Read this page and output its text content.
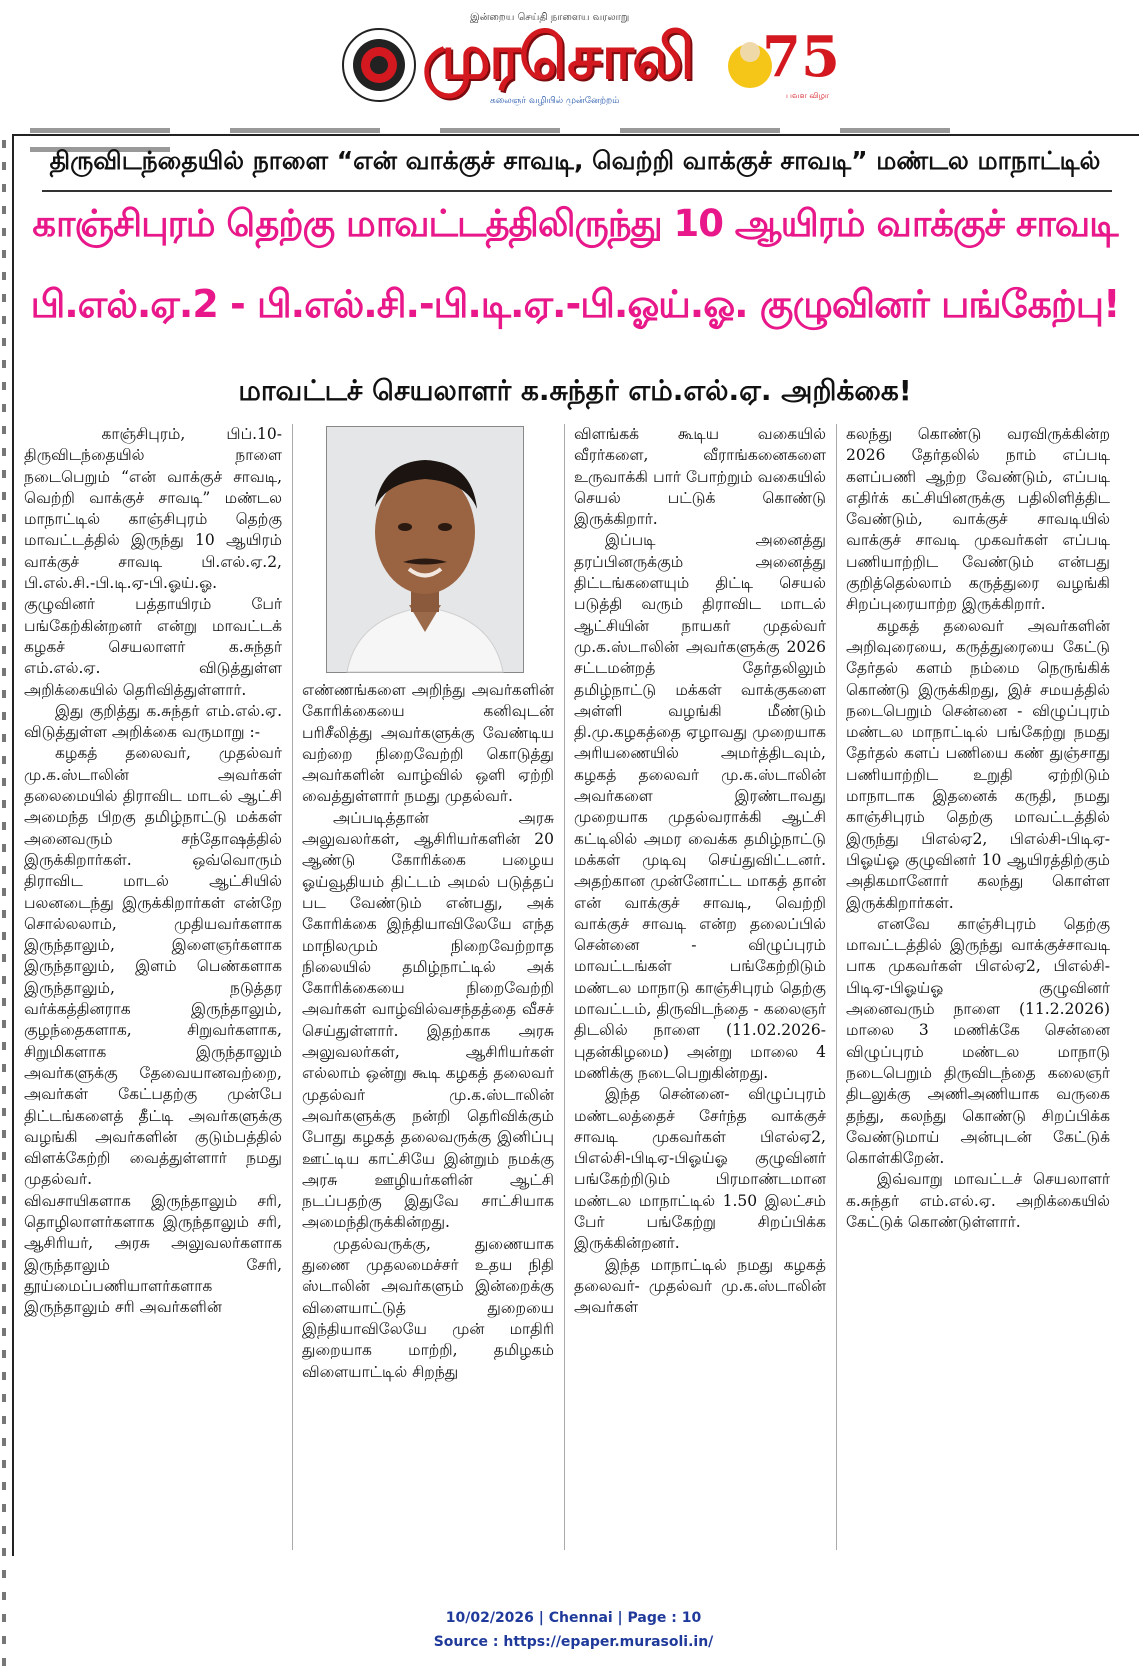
இன்றைய செய்தி நாளைய வரலாறு
முரசொலி
கலைஞர் வழியில் முன்னேற்றம்
75
பவள விழா
திருவிடந்தையில் நாளை “என் வாக்குச் சாவடி, வெற்றி வாக்குச் சாவடி” மண்டல மாநாட்டில்
காஞ்சிபுரம் தெற்கு மாவட்டத்திலிருந்து 10 ஆயிரம் வாக்குச் சாவடி
பி.எல்.ஏ.2 - பி.எல்.சி.-பி.டி.ஏ.-பி.ஓய்.ஓ. குழுவினர் பங்கேற்பு!
மாவட்டச் செயலாளர் க.சுந்தர் எம்.எல்.ஏ. அறிக்கை!

காஞ்சிபுரம், பிப்.10- திருவிடந்தையில் நாளை நடைபெறும் “என் வாக்குச் சாவடி, வெற்றி வாக்குச் சாவடி” மண்டல மாநாட்டில் காஞ்சிபுரம் தெற்கு மாவட்டத்தில் இருந்து 10 ஆயிரம் வாக்குச் சாவடி பி.எல்.ஏ.2, பி.எல்.சி.-பி.டி.ஏ-பி.ஓய்.ஓ. குழுவினர் பத்தாயிரம் பேர் பங்கேற்கின்றனர் என்று மாவட்டக் கழகச் செயலாளர் க.சுந்தர் எம்.எல்.ஏ. விடுத்துள்ள அறிக்கையில் தெரிவித்துள்ளார்.

இது குறித்து க.சுந்தர் எம்.எல்.ஏ. விடுத்துள்ள அறிக்கை வருமாறு :-

கழகத் தலைவர், முதல்வர் மு.க.ஸ்டாலின் அவர்கள் தலைமையில் திராவிட மாடல் ஆட்சி அமைந்த பிறகு தமிழ்நாட்டு மக்கள் அனைவரும் சந்தோஷத்தில் இருக்கிறார்கள். ஒவ்வொரும் திராவிட மாடல் ஆட்சியில் பலனடைந்து இருக்கிறார்கள் என்றே சொல்லலாம், முதியவர்களாக இருந்தாலும், இளைஞர்களாக இருந்தாலும், இளம் பெண்களாக இருந்தாலும், நடுத்தர வர்க்கத்தினராக இருந்தாலும், குழந்தைகளாக, சிறுவர்களாக, சிறுமிகளாக இருந்தாலும் அவர்களுக்கு தேவையானவற்றை, அவர்கள் கேட்பதற்கு முன்பே திட்டங்களைத் தீட்டி அவர்களுக்கு வழங்கி அவர்களின் குடும்பத்தில் விளக்கேற்றி வைத்துள்ளார் நமது முதல்வர்.

விவசாயிகளாக இருந்தாலும் சரி, தொழிலாளர்களாக இருந்தாலும் சரி, ஆசிரியர், அரசு அலுவலர்களாக இருந்தாலும் சேரி, தூய்மைப்பணியாளர்களாக இருந்தாலும் சரி அவர்களின்

எண்ணங்களை அறிந்து அவர்களின் கோரிக்கையை கனிவுடன் பரிசீலித்து அவர்களுக்கு வேண்டிய வற்றை நிறைவேற்றி கொடுத்து அவர்களின் வாழ்வில் ஒளி ஏற்றி வைத்துள்ளார் நமது முதல்வர்.

அப்படித்தான் அரசு அலுவலர்கள், ஆசிரியர்களின் 20 ஆண்டு கோரிக்கை பழைய ஓய்வூதியம் திட்டம் அமல் படுத்தப் பட வேண்டும் என்பது, அக் கோரிக்கை இந்தியாவிலேயே எந்த மாநிலமும் நிறைவேற்றாத நிலையில் தமிழ்நாட்டில் அக் கோரிக்கையை நிறைவேற்றி அவர்கள் வாழ்வில்வசந்தத்தை வீசச் செய்துள்ளார். இதற்காக அரசு அலுவலர்கள், ஆசிரியர்கள் எல்லாம் ஒன்று கூடி கழகத் தலைவர் முதல்வர் மு.க.ஸ்டாலின் அவர்களுக்கு நன்றி தெரிவிக்கும் போது கழகத் தலைவருக்கு இனிப்பு ஊட்டிய காட்சியே இன்றும் நமக்கு அரசு ஊழியர்களின் ஆட்சி நடப்பதற்கு இதுவே சாட்சியாக அமைந்திருக்கின்றது.

முதல்வருக்கு, துணையாக துணை முதலமைச்சர் உதய நிதி ஸ்டாலின் அவர்களும் இன்றைக்கு விளையாட்டுத் துறையை இந்தியாவிலேயே முன் மாதிரி துறையாக மாற்றி, தமிழகம் விளையாட்டில் சிறந்து

விளங்கக் கூடிய வகையில் வீரர்களை, வீராங்கனைகளை உருவாக்கி பார் போற்றும் வகையில் செயல் பட்டுக் கொண்டு இருக்கிறார்.

இப்படி அனைத்து தரப்பினருக்கும் அனைத்து திட்டங்களையும் திட்டி செயல் படுத்தி வரும் திராவிட மாடல் ஆட்சியின் நாயகர் முதல்வர் மு.க.ஸ்டாலின் அவர்களுக்கு 2026 சட்டமன்றத் தேர்தலிலும் தமிழ்நாட்டு மக்கள் வாக்குகளை அள்ளி வழங்கி மீண்டும் தி.மு.கழகத்தை ஏழாவது முறையாக அரியணையில் அமர்த்திடவும், கழகத் தலைவர் மு.க.ஸ்டாலின் அவர்களை இரண்டாவது முறையாக முதல்வராக்கி ஆட்சி கட்டிலில் அமர வைக்க தமிழ்நாட்டு மக்கள் முடிவு செய்துவிட்டனர். அதற்கான முன்னோட்ட மாகத் தான் என் வாக்குச் சாவடி, வெற்றி வாக்குச் சாவடி என்ற தலைப்பில் சென்னை - விழுப்புரம் மாவட்டங்கள் பங்கேற்றிடும் மண்டல மாநாடு காஞ்சிபுரம் தெற்கு மாவட்டம், திருவிடந்தை - கலைஞர் திடலில் நாளை (11.02.2026- புதன்கிழமை) அன்று மாலை 4 மணிக்கு நடைபெறுகின்றது.

இந்த சென்னை- விழுப்புரம் மண்டலத்தைச் சேர்ந்த வாக்குச் சாவடி முகவர்கள் பிஎல்ஏ2, பிஎல்சி-பிடிஏ-பிஓய்ஓ குழுவினர் பங்கேற்றிடும் பிரமாண்டமான மண்டல மாநாட்டில் 1.50 இலட்சம் பேர் பங்கேற்று சிறப்பிக்க இருக்கின்றனர்.

இந்த மாநாட்டில் நமது கழகத் தலைவர்- முதல்வர் மு.க.ஸ்டாலின் அவர்கள்

கலந்து கொண்டு வரவிருக்கின்ற 2026 தேர்தலில் நாம் எப்படி களப்பணி ஆற்ற வேண்டும், எப்படி எதிர்க் கட்சியினருக்கு பதிலிளித்திட வேண்டும், வாக்குச் சாவடியில் வாக்குச் சாவடி முகவர்கள் எப்படி பணியாற்றிட வேண்டும் என்பது குறித்தெல்லாம் கருத்துரை வழங்கி சிறப்புரையாற்ற இருக்கிறார்.

கழகத் தலைவர் அவர்களின் அறிவுரையை, கருத்துரையை கேட்டு தேர்தல் களம் நம்மை நெருங்கிக் கொண்டு இருக்கிறது, இச் சமயத்தில் நடைபெறும் சென்னை - விழுப்புரம் மண்டல மாநாட்டில் பங்கேற்று நமது தேர்தல் களப் பணியை கண் துஞ்சாது பணியாற்றிட உறுதி ஏற்றிடும் மாநாடாக இதனைக் கருதி, நமது காஞ்சிபுரம் தெற்கு மாவட்டத்தில் இருந்து பிஎல்ஏ2, பிஎல்சி-பிடிஏ-பிஓய்ஓ குழுவினர் 10 ஆயிரத்திற்கும் அதிகமானோர் கலந்து கொள்ள இருக்கிறார்கள்.

எனவே காஞ்சிபுரம் தெற்கு மாவட்டத்தில் இருந்து வாக்குச்சாவடி பாக முகவர்கள் பிஎல்ஏ2, பிஎல்சி-பிடிஏ-பிஓய்ஓ குழுவினர் அனைவரும் நாளை (11.2.2026) மாலை 3 மணிக்கே சென்னை விழுப்புரம் மண்டல மாநாடு நடைபெறும் திருவிடந்தை கலைஞர் திடலுக்கு அணிஅணியாக வருகை தந்து, கலந்து கொண்டு சிறப்பிக்க வேண்டுமாய் அன்புடன் கேட்டுக் கொள்கிறேன்.

இவ்வாறு மாவட்டச் செயலாளர் க.சுந்தர் எம்.எல்.ஏ. அறிக்கையில் கேட்டுக் கொண்டுள்ளார்.

10/02/2026 | Chennai | Page : 10
Source : https://epaper.murasoli.in/
